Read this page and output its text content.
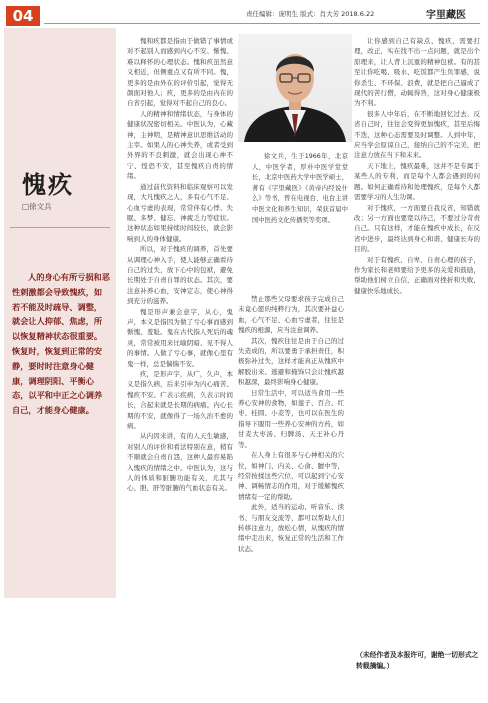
04	责任编辑：庞明生 版式：肖大芳 2018.6.22	字里藏医
愧疚
□徐文兵
人的身心有所亏损和恶性刺激都会导致愧疚，如若不能及时疏导、调整，就会让人抑郁、焦虑，所以恢复精神状态很重要。恢复时，恢复到正常的安静，要时时注意身心健康，调理阴阳、平衡心态，以平和中正之心调养自己，才能身心健康。

愧和疚都是指由于做错了事情或对不起别人而感到内心不安、惭愧、难以释怀的心理状态。愧和疚虽然意义相近，但侧重点又有所不同。愧，更多的是由外在的评价引起，觉得无颜面对他人；疚，更多的是由内在的自省引起，觉得对不起自己的良心。

人的精神和情绪状态，与身体的健康状况密切相关。中医认为，心藏神，主神明，是精神意识思维活动的主宰。如果人的心神失养，或者受到外界的不良刺激，就会出现心神不宁、惶恐不安，甚至愧疚自责的情绪。

通过前代资料和临床观察可以发现，大凡愧疚之人，多有心气不足、心血亏虚的表现，常常伴有心悸、失眠、多梦、健忘、神疲乏力等症状。这种状态如果持续时间较长，就会影响到人的身体健康。

所以，对于愧疚的调养，首先要从调理心神入手，使人能够正确看待自己的过失，放下心中的包袱，避免长期处于自责自罪的状态。其次，要注意补养心血，安神定志，使心神得到充分的滋养。

愧是形声兼会意字，从心，鬼声，本义是指因为做了亏心事而感到惭愧、羞耻。鬼在古代指人死后的魂灵，常常被用来比喻阴暗、见不得人的事情。人做了亏心事，就像心里有鬼一样，总是惴惴不安。

疚，是形声字，从疒，久声，本义是指久病，后来引申为内心痛苦、愧疚不安。疒表示疾病，久表示时间长，合起来就是长期的病痛。内心长期的不安，就像得了一场久治不愈的病。

从内因来讲，有的人天生敏感，对别人的评价和看法特别在意，稍有不顺就会自责自怨，这种人最容易陷入愧疚的情绪之中。中医认为，这与人的体质和脏腑功能有关，尤其与心、胆、肝等脏腑的气血状态有关。

徐文兵，生于1966年，北京人，中医学者，厚朴中医学堂堂长，北京中医药大学中医学硕士，著有《字里藏医》《黄帝内经说什么》等书，曾在电视台、电台主讲中医文化和养生知识，荣获首届中国中医药文化传播奖等奖项。

禁止那些父母要求孩子完成自己未竟心愿的纯粹行为，其次要补益心血，心气不足、心血亏虚者，往往是愧疚的根源，应当注意调养。

其次，愧疚往往是由于自己的过失造成的，所以要勇于承担责任，积极弥补过失，这样才能真正从愧疚中解脱出来。逃避和掩饰只会让愧疚越积越深，最终影响身心健康。

日常生活中，可以适当食用一些养心安神的食物，如莲子、百合、红枣、桂圆、小麦等，也可以在医生的指导下服用一些养心安神的方药，如甘麦大枣汤、归脾汤、天王补心丹等。

在人身上有很多与心神相关的穴位，如神门、内关、心俞、膻中等，经常按揉这些穴位，可以起到宁心安神、调畅情志的作用，对于缓解愧疚情绪有一定的帮助。

此外，适当的运动、听音乐、读书、与朋友交流等，都可以帮助人们转移注意力，放松心情，从愧疚的情绪中走出来，恢复正常的生活和工作状态。

让你感到自己有缺点、愧疚，需要打理，改正，实在找不出一点问题，就是出个原理来，让人背上沉重的精神包袱。有的甚至让你吃喝、吸水、吃饭都产生负罪感，说你杀生、不环保、浪费，就是把自己逼成了现代的苦行僧，动辄得咎，这对身心健康极为不利。

很多人中年后，在不断地回忆过去、反省自己时，往往会变得更加愧疚，甚至后悔不迭，这种心态需要及时调整。人到中年，应当学会原谅自己，接纳自己的不完美，把注意力放在当下和未来。

天下地上，愧疚最难，这并不是专属于某些人的专利，而是每个人都会遇到的问题。如何正确看待和处理愧疚，是每个人都需要学习的人生功课。

对于愧疚，一方面要自我反省，知错就改；另一方面也要宽以待己，不要过分苛责自己。只有这样，才能在愧疚中成长，在反省中进步，最终达到身心和谐、健康长寿的目的。

对于有愧疚、自卑、自责心理的孩子，作为家长和老师要给予更多的关爱和鼓励，帮助他们树立自信，正确面对挫折和失败，健康快乐地成长。

（未经作者及本报许可，谢绝一切形式之转载摘编。）
